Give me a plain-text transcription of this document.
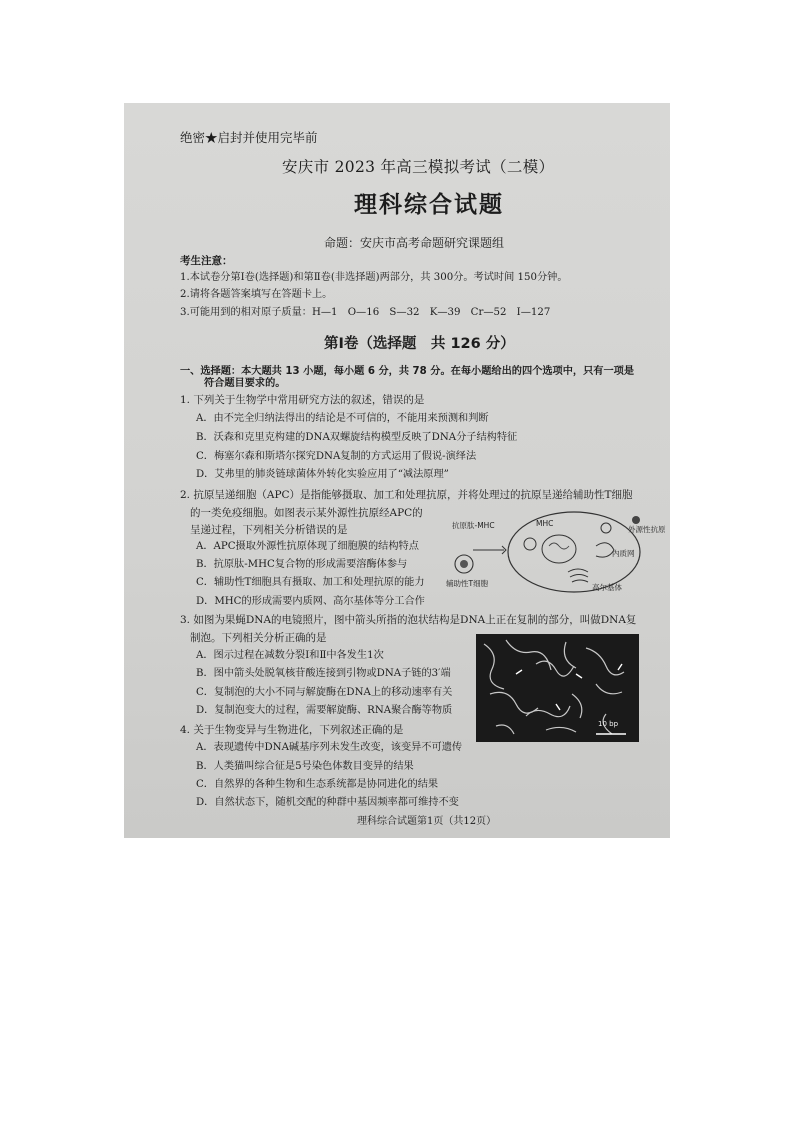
绝密★启封并使用完毕前
安庆市 2023 年高三模拟考试（二模）
理科综合试题
命题：安庆市高考命题研究课题组
考生注意：
1.本试卷分第Ⅰ卷(选择题)和第Ⅱ卷(非选择题)两部分，共 300分。考试时间 150分钟。
2.请将各题答案填写在答题卡上。
3.可能用到的相对原子质量：H—1　O—16　S—32　K—39　Cr—52　I—127
第Ⅰ卷（选择题　共 126 分）
一、选择题：本大题共 13 小题，每小题 6 分，共 78 分。在每小题给出的四个选项中，只有一项是
符合题目要求的。
1. 下列关于生物学中常用研究方法的叙述，错误的是
A．由不完全归纳法得出的结论是不可信的，不能用来预测和判断
B．沃森和克里克构建的DNA双螺旋结构模型反映了DNA分子结构特征
C．梅塞尔森和斯塔尔探究DNA复制的方式运用了假说-演绎法
D．艾弗里的肺炎链球菌体外转化实验应用了“减法原理”
2. 抗原呈递细胞（APC）是指能够摄取、加工和处理抗原，并将处理过的抗原呈递给辅助性T细胞
的一类免疫细胞。如图表示某外源性抗原经APC的
呈递过程，下列相关分析错误的是
A．APC摄取外源性抗原体现了细胞膜的结构特点
B．抗原肽-MHC复合物的形成需要溶酶体参与
C．辅助性T细胞具有摄取、加工和处理抗原的能力
D．MHC的形成需要内质网、高尔基体等分工合作
抗原肽-MHC	MHC
外源性抗原
内质网
高尔基体
辅助性T细胞
3. 如图为果蝇DNA的电镜照片，图中箭头所指的泡状结构是DNA上正在复制的部分，叫做DNA复
制泡。下列相关分析正确的是
A．图示过程在减数分裂Ⅰ和Ⅱ中各发生1次
B．图中箭头处脱氧核苷酸连接到引物或DNA子链的3′端
C．复制泡的大小不同与解旋酶在DNA上的移动速率有关
D．复制泡变大的过程，需要解旋酶、RNA聚合酶等物质
10 bp
4. 关于生物变异与生物进化，下列叙述正确的是
A．表现遗传中DNA碱基序列未发生改变，该变异不可遗传
B．人类猫叫综合征是5号染色体数目变异的结果
C．自然界的各种生物和生态系统都是协同进化的结果
D．自然状态下，随机交配的种群中基因频率都可维持不变
理科综合试题第1页（共12页）
